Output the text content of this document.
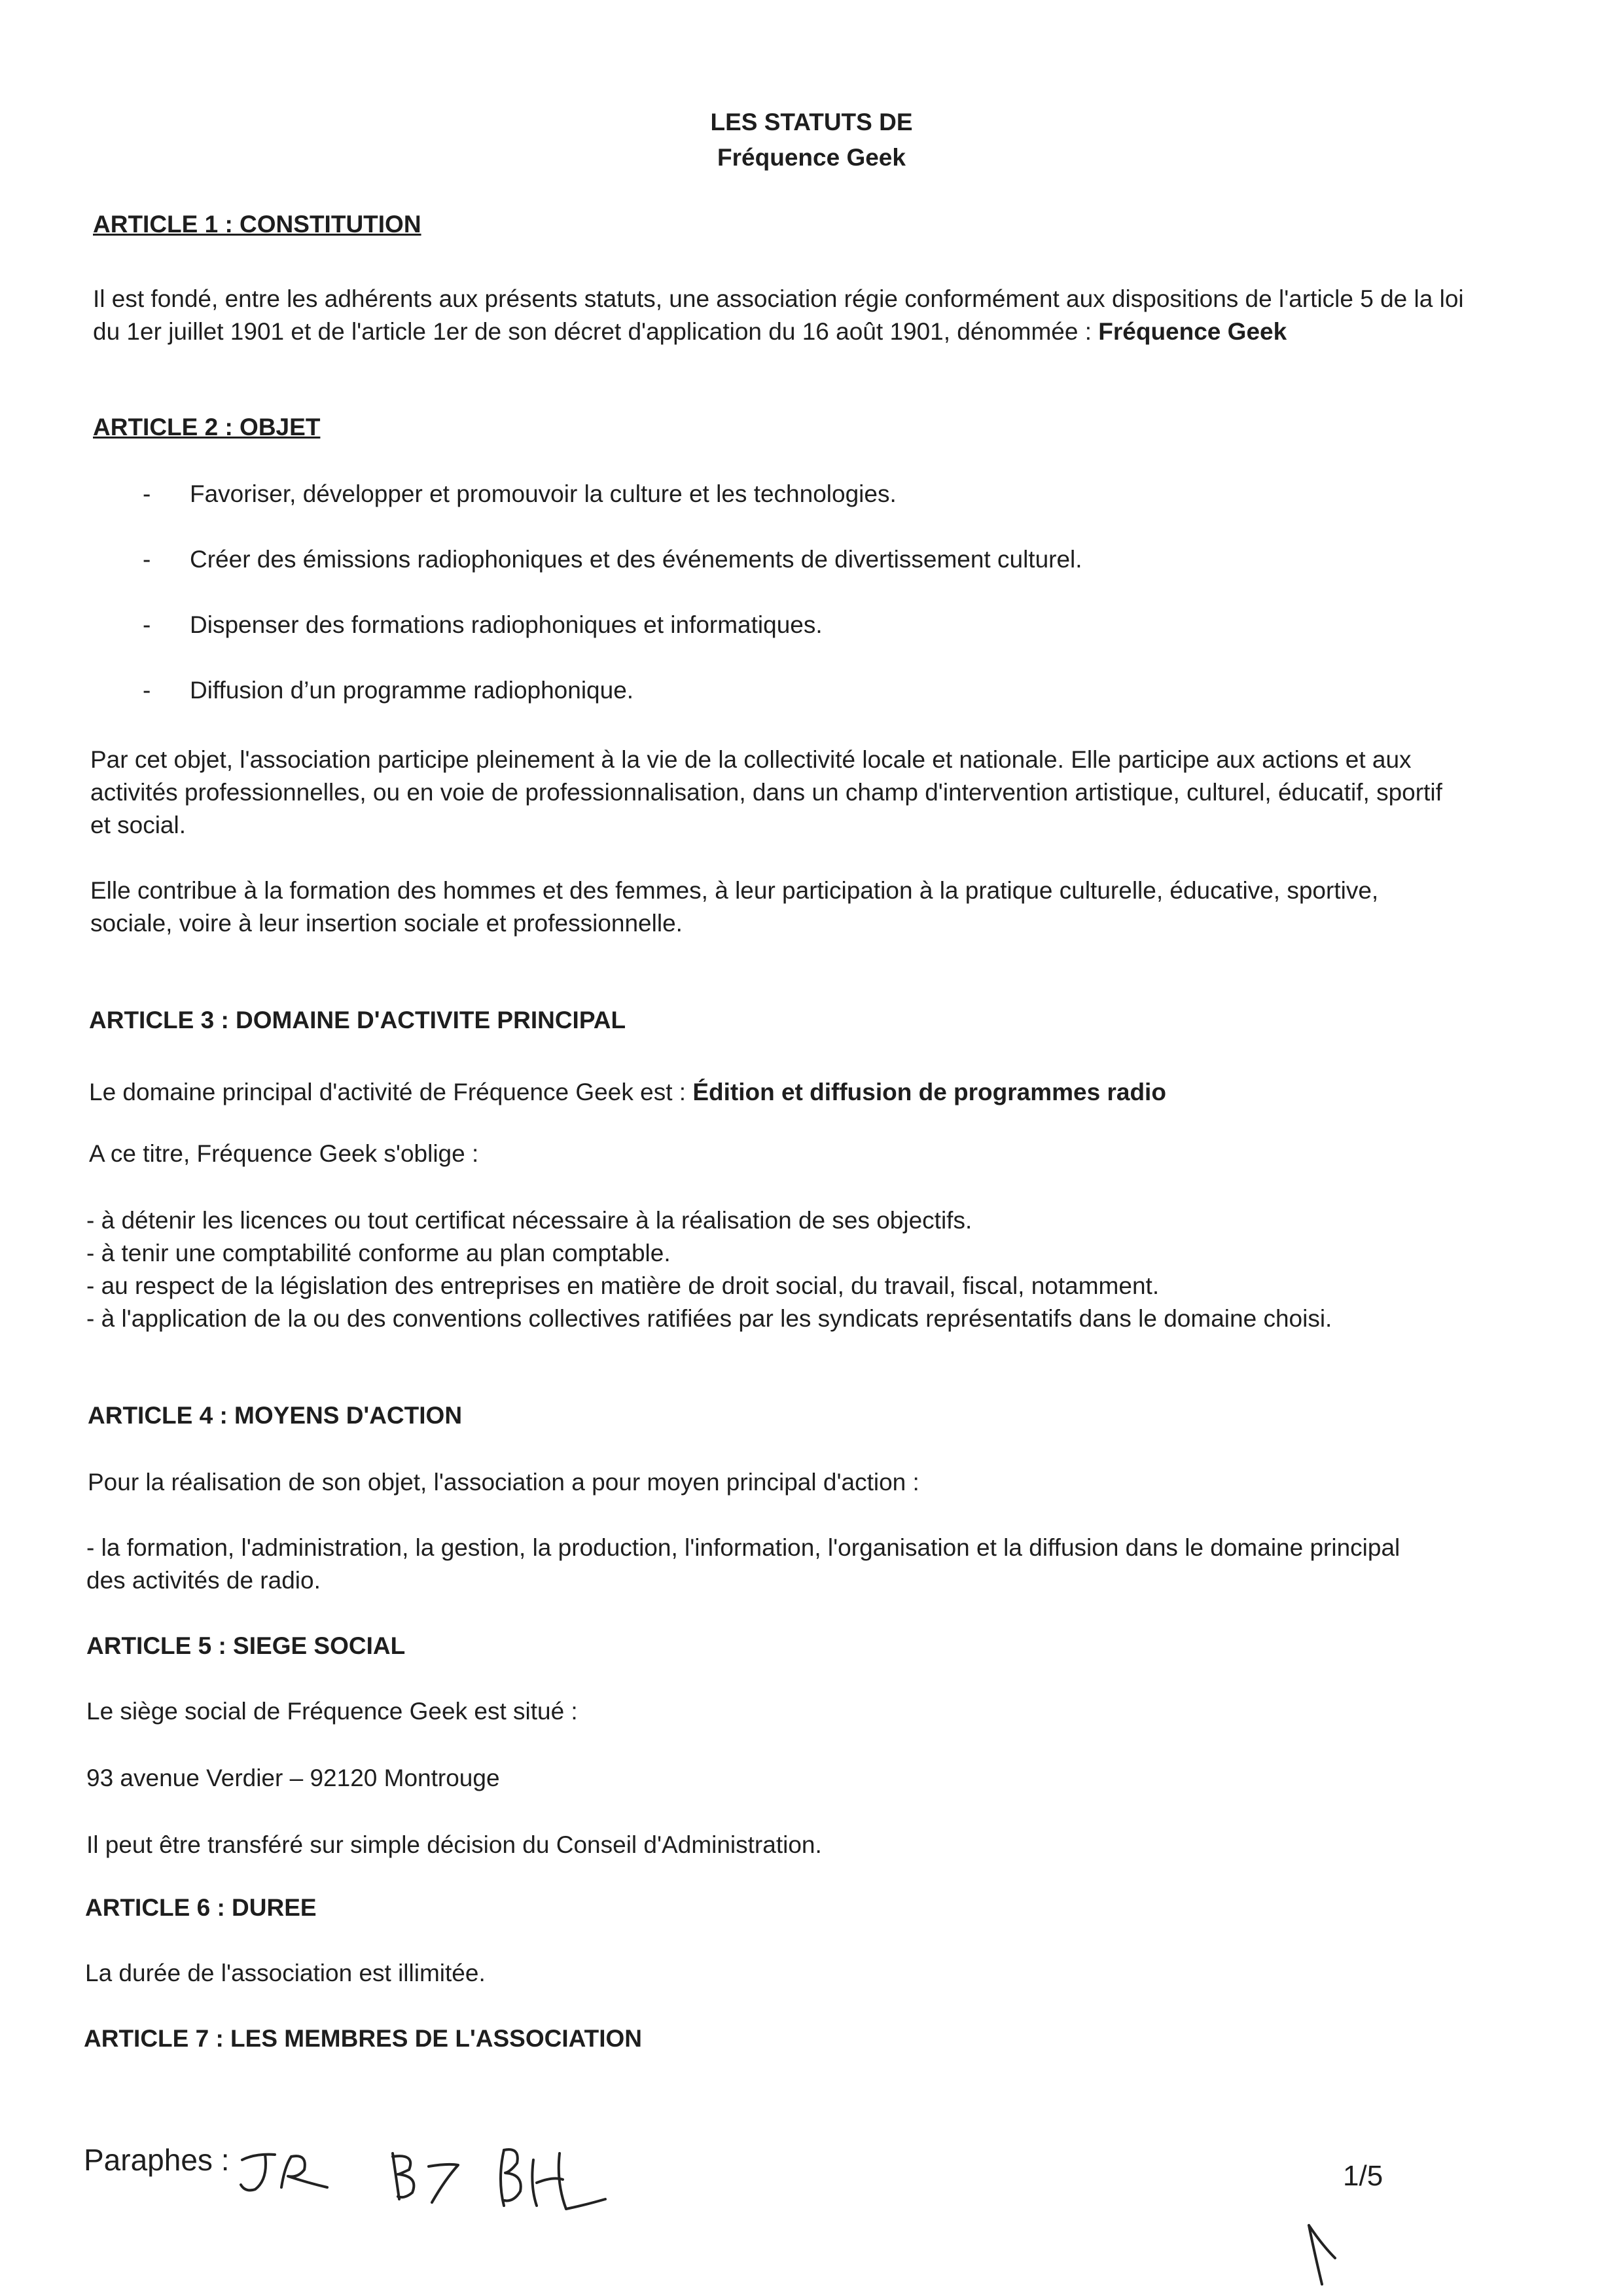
LES STATUTS DE
Fréquence Geek

ARTICLE 1 : CONSTITUTION

Il est fondé, entre les adhérents aux présents statuts, une association régie conformément aux dispositions de l'article 5 de la loi

du 1er juillet 1901 et de l'article 1er de son décret d'application du 16 août 1901, dénommée : Fréquence Geek

ARTICLE 2 : OBJET

- Favoriser, développer et promouvoir la culture et les technologies.
- Créer des émissions radiophoniques et des événements de divertissement culturel.
- Dispenser des formations radiophoniques et informatiques.
- Diffusion d’un programme radiophonique.

Par cet objet, l'association participe pleinement à la vie de la collectivité locale et nationale. Elle participe aux actions et aux

activités professionnelles, ou en voie de professionnalisation, dans un champ d'intervention artistique, culturel, éducatif, sportif

et social.

Elle contribue à la formation des hommes et des femmes, à leur participation à la pratique culturelle, éducative, sportive,

sociale, voire à leur insertion sociale et professionnelle.

ARTICLE 3 : DOMAINE D'ACTIVITE PRINCIPAL

Le domaine principal d'activité de Fréquence Geek est : Édition et diffusion de programmes radio

A ce titre, Fréquence Geek s'oblige :

- à détenir les licences ou tout certificat nécessaire à la réalisation de ses objectifs.

- à tenir une comptabilité conforme au plan comptable.

- au respect de la législation des entreprises en matière de droit social, du travail, fiscal, notamment.

- à l'application de la ou des conventions collectives ratifiées par les syndicats représentatifs dans le domaine choisi.

ARTICLE 4 : MOYENS D'ACTION

Pour la réalisation de son objet, l'association a pour moyen principal d'action :

- la formation, l'administration, la gestion, la production, l'information, l'organisation et la diffusion dans le domaine principal

des activités de radio.

ARTICLE 5 : SIEGE SOCIAL

Le siège social de Fréquence Geek est situé :

93 avenue Verdier – 92120 Montrouge

Il peut être transféré sur simple décision du Conseil d'Administration.

ARTICLE 6 : DUREE

La durée de l'association est illimitée.

ARTICLE 7 : LES MEMBRES DE L'ASSOCIATION

Paraphes :	1/5
